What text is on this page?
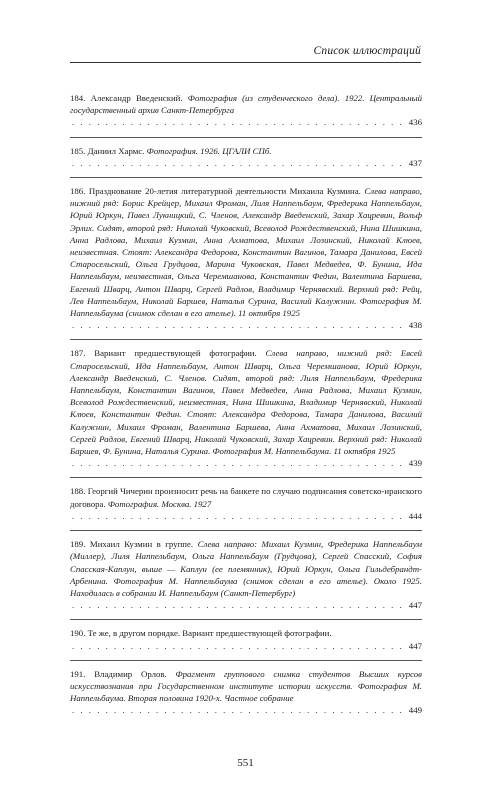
Список иллюстраций
184. Александр Введенский. Фотография (из студенческого дела). 1922. Центральный государственный архив Санкт-Петербурга
. . .
436
185. Даниил Хармс. Фотография. 1926. ЦГАЛИ СПб.
. . .
437
186. Празднование 20-летия литературной деятельности Михаила Кузмина. Слева направо, нижний ряд: Борис Крейцер, Михаил Фроман, Лиля Наппельбаум, Фредерика Наппельбаум, Юрий Юркун, Павел Лукницкий, С. Членов, Александр Введенский, Захар Хацревин, Вольф Эрлих. Сидят, второй ряд: Николай Чуковский, Всеволод Рождественский, Нина Шишкина, Анна Радлова, Михаил Кузмин, Анна Ахматова, Михаил Лозинский, Николай Клюев, неизвестная. Стоят: Александра Федорова, Константин Вагинов, Тамара Данилова, Евсей Старосельский, Ольга Грудцова, Марина Чуковская, Павел Медведев, Ф. Бунина, Ида Наппельбаум, неизвестная, Ольга Черемшанова, Константин Федин, Валентина Баршева, Евгений Шварц, Антон Шварц, Сергей Радлов, Владимир Чернявский. Верхний ряд: Рейц, Лев Наппельбаум, Николай Баршев, Наталья Сурина, Василий Калужнин. Фотография М. Наппельбаума (снимок сделан в его ателье). 11 октября 1925
. . .
438
187. Вариант предшествующей фотографии. Слева направо, нижний ряд: Евсей Старосельский, Ида Наппельбаум, Антон Шварц, Ольга Черемшанова, Юрий Юркун, Александр Введенский, С. Членов. Сидят, второй ряд: Лиля Наппельбаум, Фредерика Наппельбаум, Константин Вагинов, Павел Медведев, Анна Радлова, Михаил Кузмин, Всеволод Рождественский, неизвестная, Нина Шишкина, Владимир Чернявский, Николай Клюев, Константин Федин. Стоят: Александра Федорова, Тамара Данилова, Василий Калужнин, Михаил Фроман, Валентина Баршева, Анна Ахматова, Михаил Лозинский, Сергей Радлов, Евгений Шварц, Николай Чуковский, Захар Хацревин. Верхний ряд: Николай Баршев, Ф. Бунина, Наталья Сурина. Фотография М. Наппельбаума. 11 октября 1925
. . .
439
188. Георгий Чичерин произносит речь на банкете по случаю подписания советско-иранского договора. Фотография. Москва. 1927
. . .
444
189. Михаил Кузмин в группе. Слева направо: Михаил Кузмин, Фредерика Наппельбаум (Миллер), Лиля Наппельбаум, Ольга Наппельбаум (Грудцова), Сергей Спасский, София Спасская-Каплун, выше — Каплун (ее племянник), Юрий Юркун, Ольга Гильдебрандт-Арбенина. Фотография М. Наппельбаума (снимок сделан в его ателье). Около 1925. Находилась в собрании И. Наппельбаум (Санкт-Петербург)
. . .
447
190. Те же, в другом порядке. Вариант предшествующей фотографии.
. . .
447
191. Владимир Орлов. Фрагмент группового снимка студентов Высших курсов искусствознания при Государственном институте истории искусств. Фотография М. Наппельбаума. Вторая половина 1920-х. Частное собрание
. . .
449
551
